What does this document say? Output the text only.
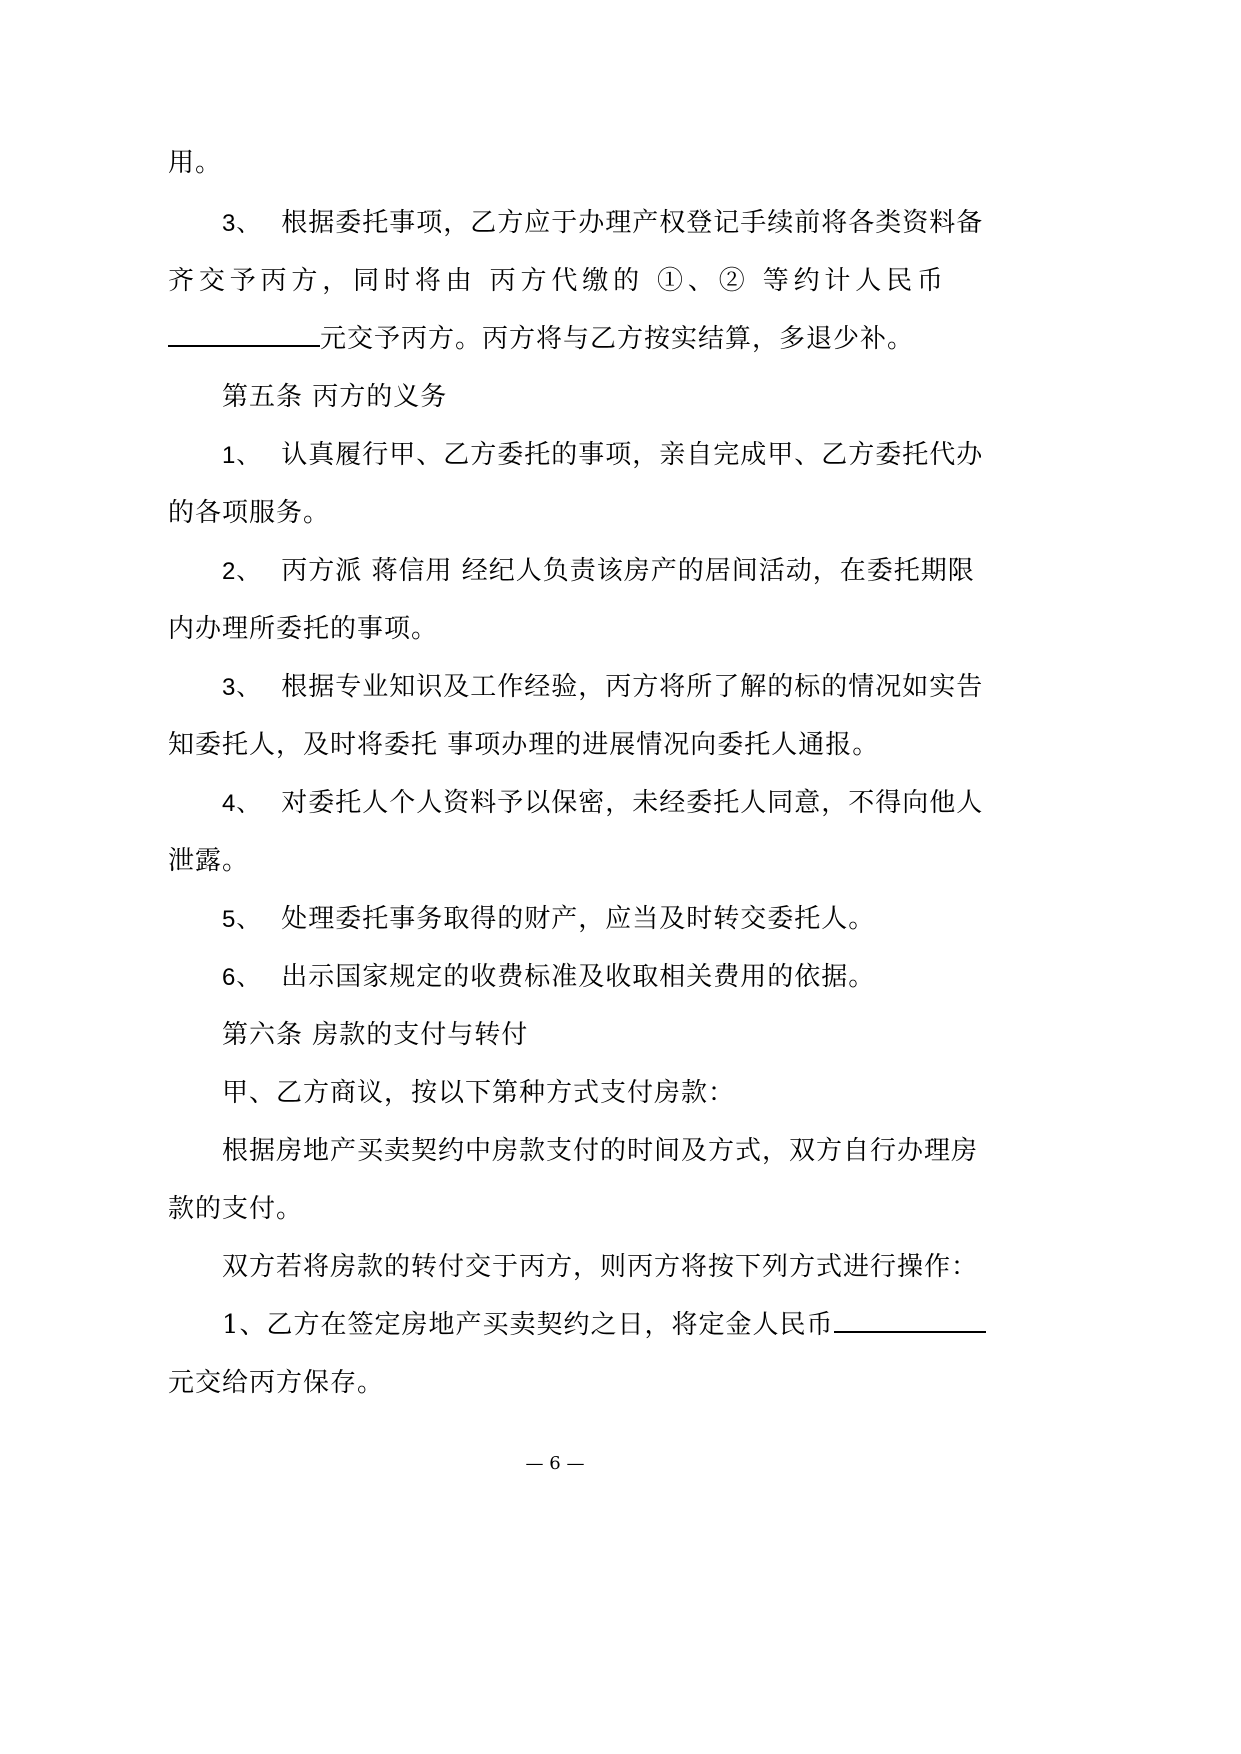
用。
3、 根据委托事项，乙方应于办理产权登记手续前将各类资料备
齐交予丙方，同时将由 丙方代缴的 ①、② 等约计人民币
元交予丙方。丙方将与乙方按实结算，多退少补。
第五条 丙方的义务
1、 认真履行甲、乙方委托的事项，亲自完成甲、乙方委托代办
的各项服务。
2、 丙方派 蒋信用 经纪人负责该房产的居间活动，在委托期限
内办理所委托的事项。
3、 根据专业知识及工作经验，丙方将所了解的标的情况如实告
知委托人，及时将委托 事项办理的进展情况向委托人通报。
4、 对委托人个人资料予以保密，未经委托人同意，不得向他人
泄露。
5、 处理委托事务取得的财产，应当及时转交委托人。
6、 出示国家规定的收费标准及收取相关费用的依据。
第六条 房款的支付与转付
甲、乙方商议，按以下第种方式支付房款：
根据房地产买卖契约中房款支付的时间及方式，双方自行办理房
款的支付。
双方若将房款的转付交于丙方，则丙方将按下列方式进行操作：
1、乙方在签定房地产买卖契约之日，将定金人民币
元交给丙方保存。
— 6 —
